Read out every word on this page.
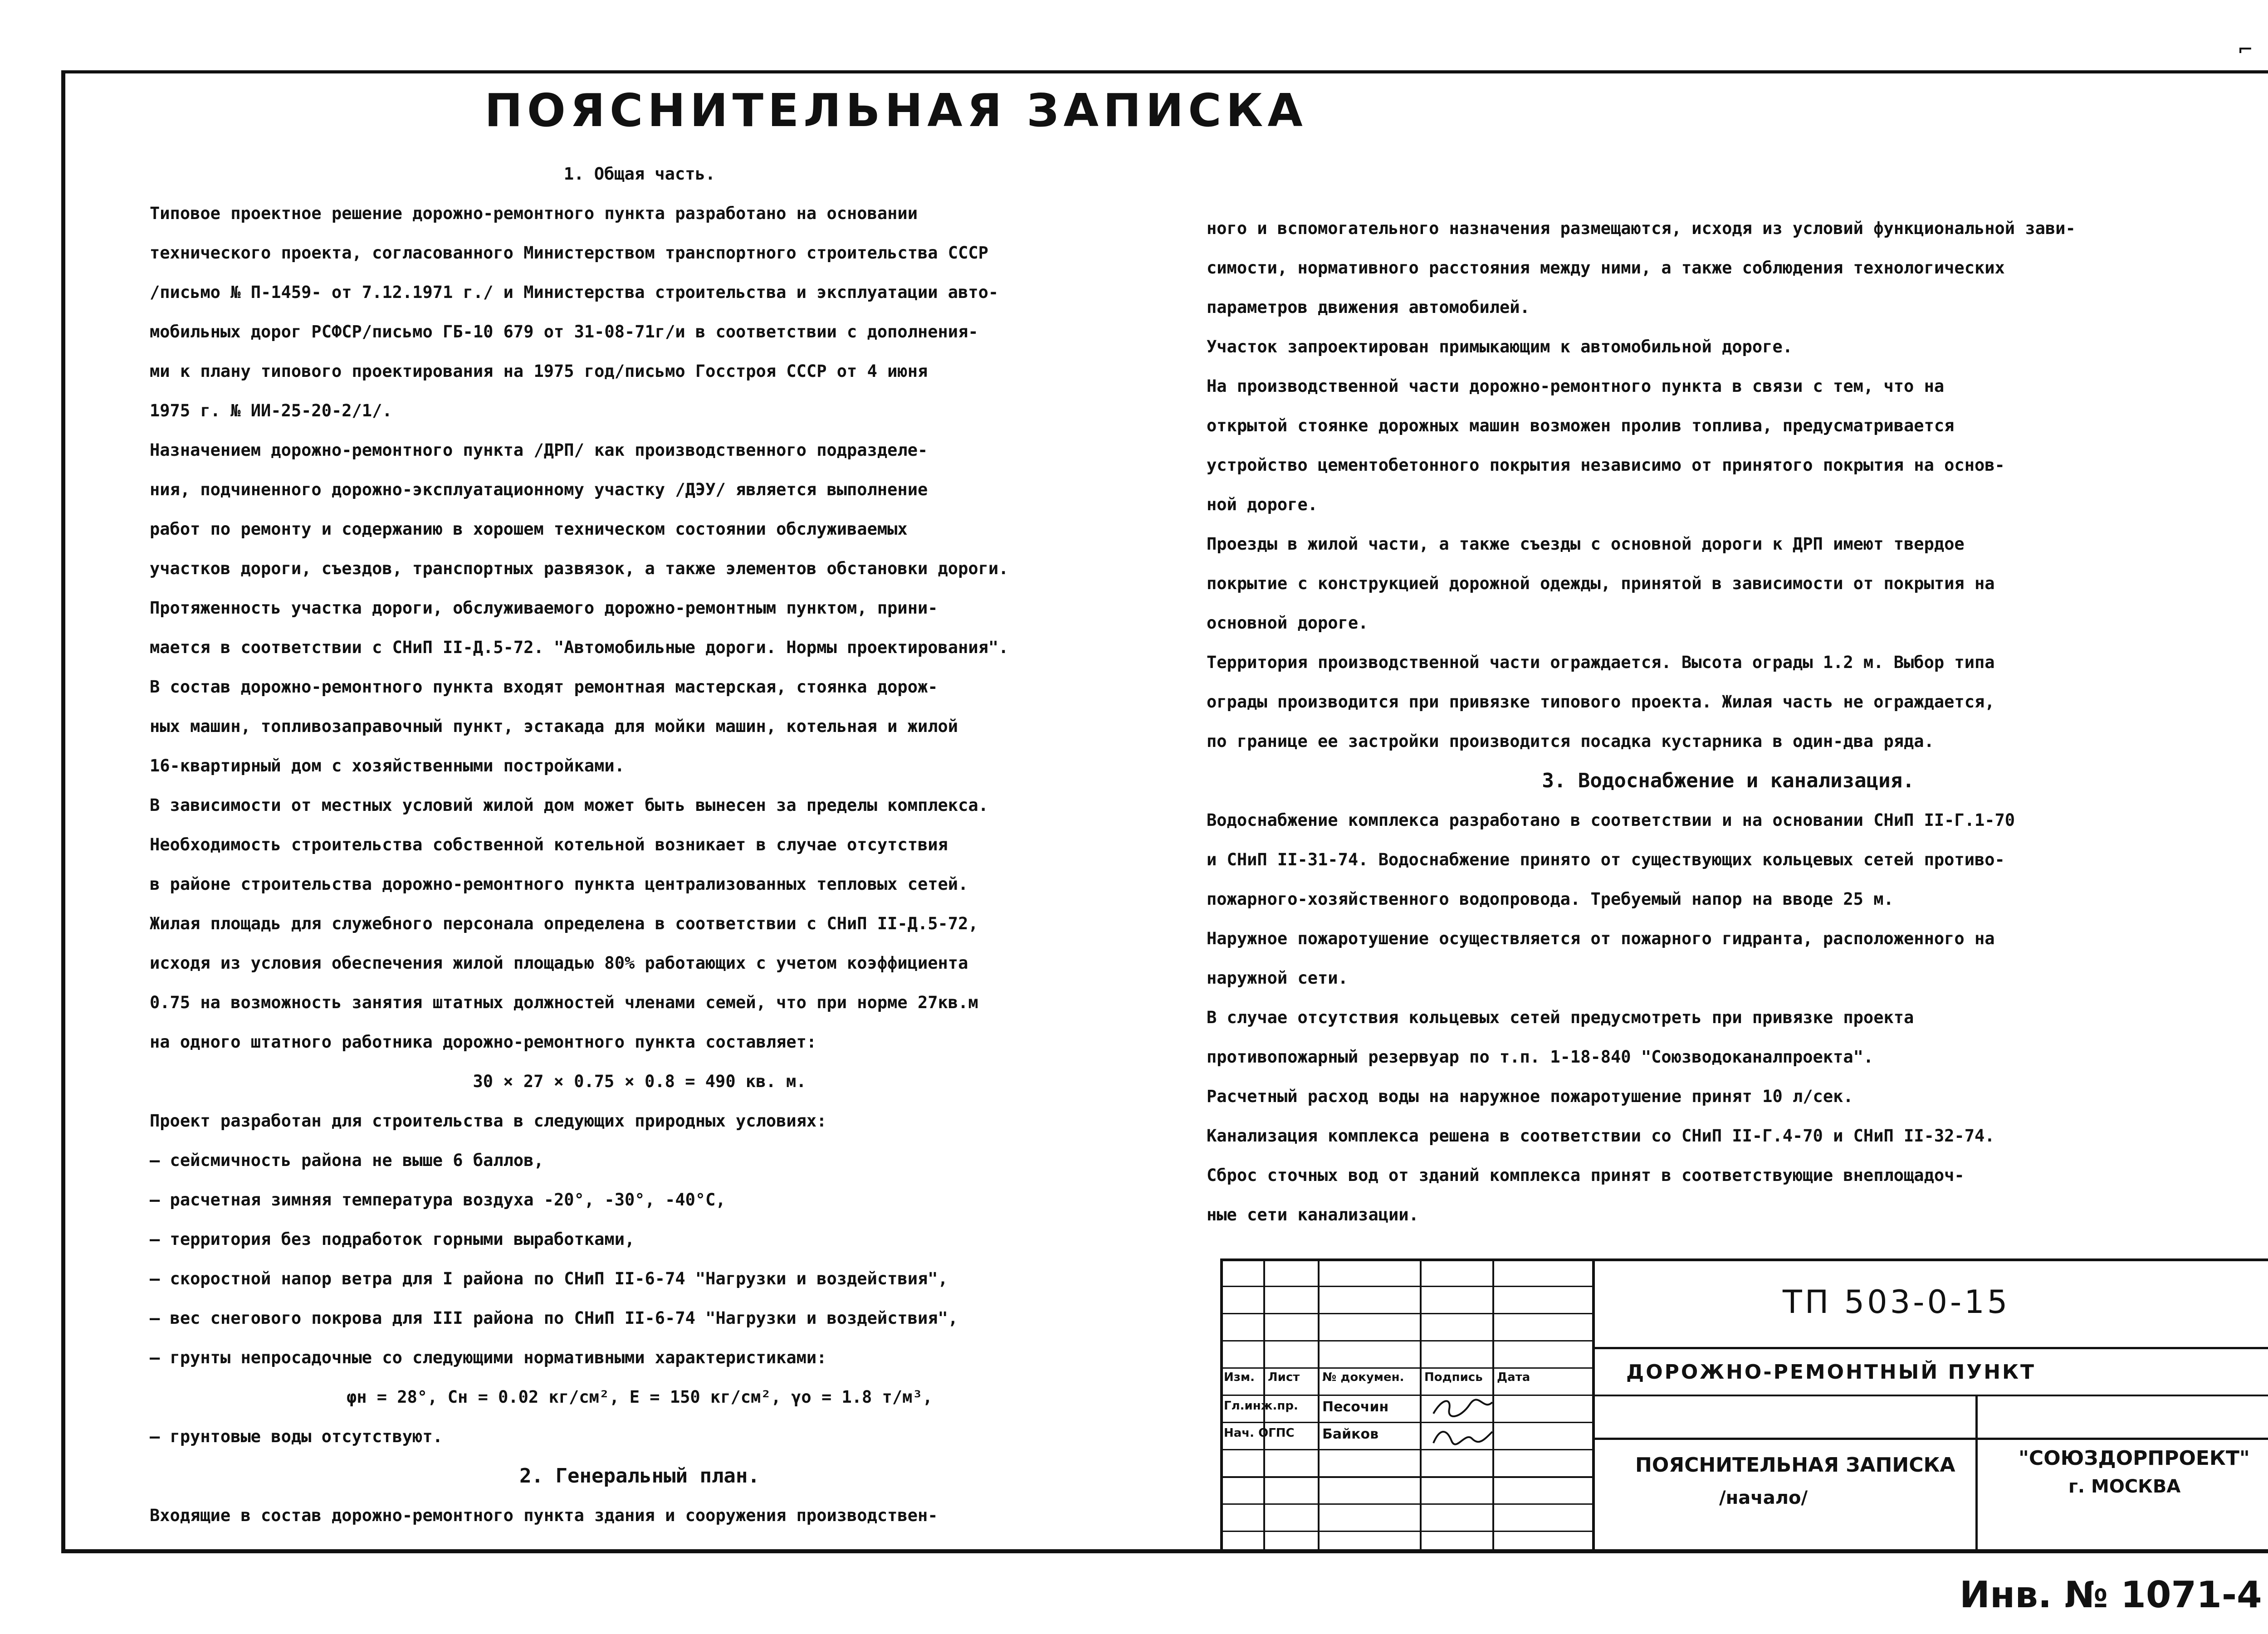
⌐
ПОЯСНИТЕЛЬНАЯ ЗАПИСКА

1. Общая часть.

Типовое проектное решение дорожно-ремонтного пункта разработано на основании

технического проекта, согласованного Министерством транспортного строительства СССР

/письмо № П-1459- от 7.12.1971 г./ и Министерства строительства и эксплуатации авто-

мобильных дорог РСФСР/письмо ГБ-10 679 от 31-08-71г/и в соответствии с дополнения-

ми к плану типового проектирования на 1975 год/письмо Госстроя СССР от 4 июня

1975 г. № ИИ-25-20-2/1/.

Назначением дорожно-ремонтного пункта /ДРП/ как производственного подразделе-

ния, подчиненного дорожно-эксплуатационному участку /ДЭУ/ является выполнение

работ по ремонту и содержанию в хорошем техническом состоянии обслуживаемых

участков дороги, съездов, транспортных развязок, а также элементов обстановки дороги.

Протяженность участка дороги, обслуживаемого дорожно-ремонтным пунктом, прини-

мается в соответствии с СНиП II-Д.5-72. "Автомобильные дороги. Нормы проектирования".

В состав дорожно-ремонтного пункта входят ремонтная мастерская, стоянка дорож-

ных машин, топливозаправочный пункт, эстакада для мойки машин, котельная и жилой

16-квартирный дом с хозяйственными постройками.

В зависимости от местных условий жилой дом может быть вынесен за пределы комплекса.

Необходимость строительства собственной котельной возникает в случае отсутствия

в районе строительства дорожно-ремонтного пункта централизованных тепловых сетей.

Жилая площадь для служебного персонала определена в соответствии с СНиП II-Д.5-72,

исходя из условия обеспечения жилой площадью 80% работающих с учетом коэффициента

0.75 на возможность занятия штатных должностей членами семей, что при норме 27кв.м

на одного штатного работника дорожно-ремонтного пункта составляет:

30 × 27 × 0.75 × 0.8 = 490 кв. м.

Проект разработан для строительства в следующих природных условиях:

— сейсмичность района не выше 6 баллов,

— расчетная зимняя температура воздуха -20°, -30°, -40°С,

— территория без подработок горными выработками,

— скоростной напор ветра для I района по СНиП II-6-74 "Нагрузки и воздействия",

— вес снегового покрова для III района по СНиП II-6-74 "Нагрузки и воздействия",

— грунты непросадочные со следующими нормативными характеристиками:

φн = 28°, Сн = 0.02 кг/см², Е = 150 кг/см², γо = 1.8 т/м³,

— грунтовые воды отсутствуют.

2. Генеральный план.

Входящие в состав дорожно-ремонтного пункта здания и сооружения производствен-

ного и вспомогательного назначения размещаются, исходя из условий функциональной зави-

симости, нормативного расстояния между ними, а также соблюдения технологических

параметров движения автомобилей.

Участок запроектирован примыкающим к автомобильной дороге.

На производственной части дорожно-ремонтного пункта в связи с тем, что на

открытой стоянке дорожных машин возможен пролив топлива, предусматривается

устройство цементобетонного покрытия независимо от принятого покрытия на основ-

ной дороге.

Проезды в жилой части, а также съезды с основной дороги к ДРП имеют твердое

покрытие с конструкцией дорожной одежды, принятой в зависимости от покрытия на

основной дороге.

Территория производственной части ограждается. Высота ограды 1.2 м. Выбор типа

ограды производится при привязке типового проекта. Жилая часть не ограждается,

по границе ее застройки производится посадка кустарника в один-два ряда.

3. Водоснабжение и канализация.

Водоснабжение комплекса разработано в соответствии и на основании СНиП II-Г.1-70

и СНиП II-31-74. Водоснабжение принято от существующих кольцевых сетей противо-

пожарного-хозяйственного водопровода. Требуемый напор на вводе 25 м.

Наружное пожаротушение осуществляется от пожарного гидранта, расположенного на

наружной сети.

В случае отсутствия кольцевых сетей предусмотреть при привязке проекта

противопожарный резервуар по т.п. 1-18-840 "Союзводоканалпроекта".

Расчетный расход воды на наружное пожаротушение принят 10 л/сек.

Канализация комплекса решена в соответствии со СНиП II-Г.4-70 и СНиП II-32-74.

Сброс сточных вод от зданий комплекса принят в соответствующие внеплощадоч-

ные сети канализации.

ТП 503-0-15
ДОРОЖНО-РЕМОНТНЫЙ ПУНКТ
Изм. Лист № докумен. Подпись Дата
Гл.инж.пр. Песочин
Нач. ОГПС Байков
ПОЯСНИТЕЛЬНАЯ ЗАПИСКА
/начало/
"СОЮЗДОРПРОЕКТ"
г. МОСКВА
Инв. № 1071-4
